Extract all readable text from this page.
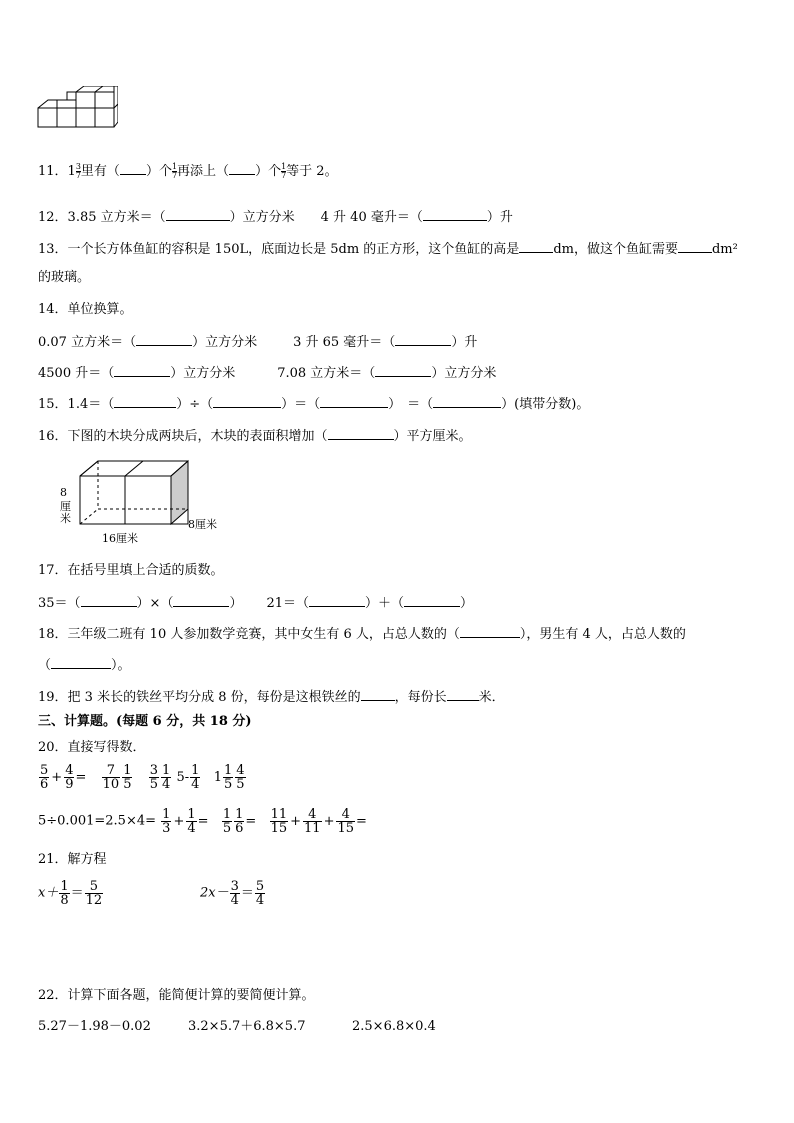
11．$1 \frac{3}{7}$ 里有（ ）个 $\frac{1}{7}$ 再添上（ ）个 $\frac{1}{7}$ 等于 2。
12．3.85 立方米＝（	）立方分米 4 升 40 毫升＝（	）升
13．一个长方体鱼缸的容积是 150L，底面边长是 5dm 的正方形，这个鱼缸的高是	dm，做这个鱼缸需要	dm²
的玻璃。
14．单位换算。
0.07 立方米＝（	）立方分米	3 升 65 毫升＝（	）升
4500 升＝（	）立方分米	7.08 立方米＝（	）立方分米
15．1.4＝（	）÷（	）＝（	） ＝（	）(填带分数)。
16．下图的木块分成两块后，木块的表面积增加（	）平方厘米。
8
厘
米	8厘米
16厘米
17．在括号里填上合适的质数。
35＝（	）×（	） 21＝（	）＋（	）
18．三年级二班有 10 人参加数学竞赛，其中女生有 6 人，占总人数的（	），男生有 4 人，占总人数的
（	）。
19．把 3 米长的铁丝平均分成 8 份，每份是这根铁丝的	，每份长 米．
三、计算题。(每题 6 分，共 18 分)
20．直接写得数．
$\frac{5}{6} + \frac{4}{9} = \frac{7}{10} \frac{1}{5}$
$\frac{3}{5} \frac{1}{4} 5- \frac{1}{4} 1 \frac{1}{5} \frac{4}{5}$
$5\div 0.001=2.5\times 4= \frac{1}{3} + \frac{1}{4} = \frac{1}{5} \frac{1}{6} = \frac{11}{15} + \frac{4}{11} + \frac{4}{15}$ =
21．解方程
$x+ \frac{1}{8} = \frac{5}{12}$	$2x- \frac{3}{4} = \frac{5}{4}$
22．计算下面各题，能简便计算的要简便计算。
5.27－1.98－0.02	3.2×5.7＋6.8×5.7	2.5×6.8×0.4
